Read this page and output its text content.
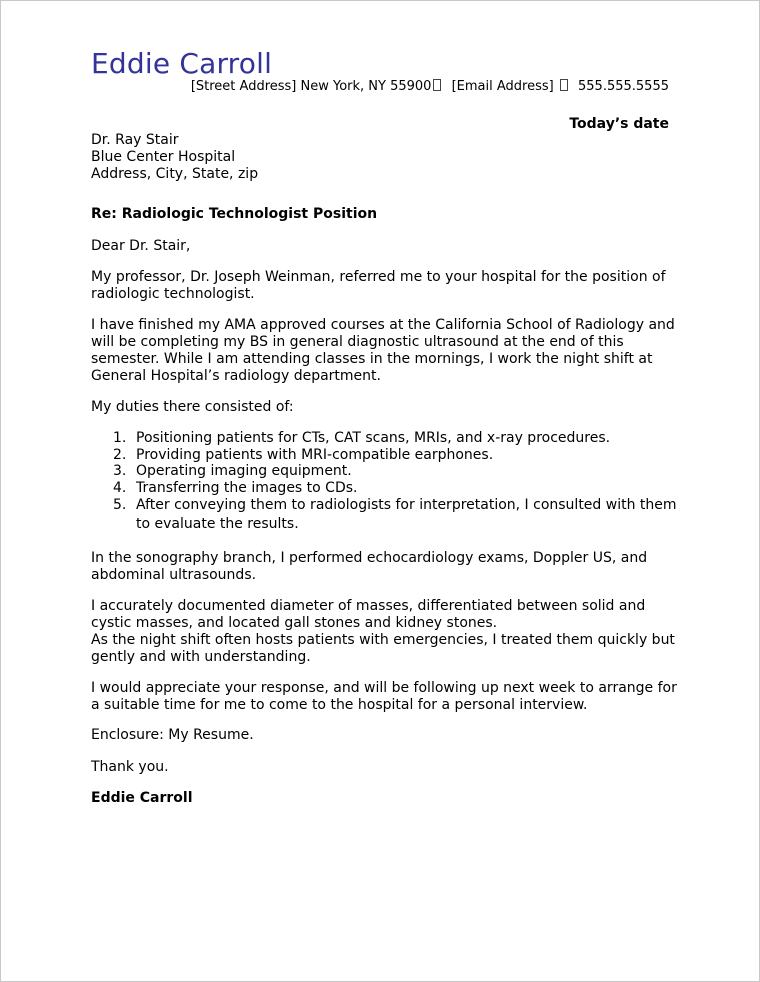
Eddie Carroll
[Street Address] New York, NY 55900 [Email Address] 555.555.5555
Today’s date

Dr. Ray Stair

Blue Center Hospital

Address, City, State, zip

Re: Radiologic Technologist Position
Dear Dr. Stair,
My professor, Dr. Joseph Weinman, referred me to your hospital for the position of radiologic technologist.
I have finished my AMA approved courses at the California School of Radiology and will be completing my BS in general diagnostic ultrasound at the end of this semester. While I am attending classes in the mornings, I work the night shift at General Hospital’s radiology department.
My duties there consisted of:
1. Positioning patients for CTs, CAT scans, MRIs, and x-ray procedures.
2. Providing patients with MRI-compatible earphones.
3. Operating imaging equipment.
4. Transferring the images to CDs.
5. After conveying them to radiologists for interpretation, I consulted with them to evaluate the results.
In the sonography branch, I performed echocardiology exams, Doppler US, and abdominal ultrasounds.

I accurately documented diameter of masses, differentiated between solid and cystic masses, and located gall stones and kidney stones.

As the night shift often hosts patients with emergencies, I treated them quickly but gently and with understanding.

I would appreciate your response, and will be following up next week to arrange for a suitable time for me to come to the hospital for a personal interview.
Enclosure: My Resume.
Thank you.
Eddie Carroll
